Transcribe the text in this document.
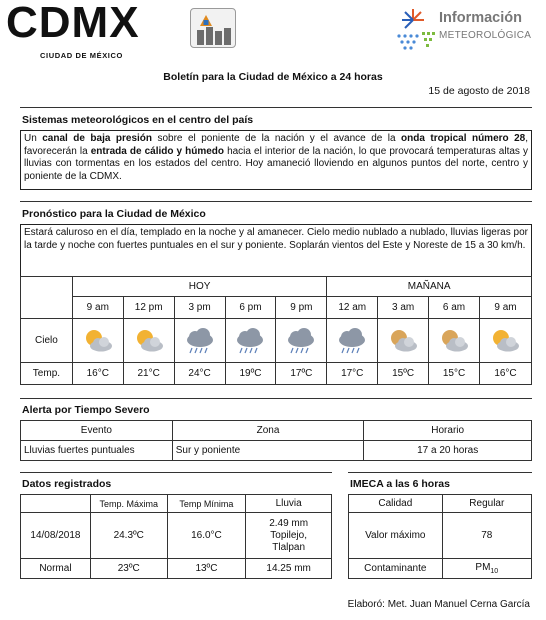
CDMX
CIUDAD DE MÉXICO
Información
METEOROLÓGICA
Boletín para la Ciudad de México a 24 horas
15 de agosto de 2018
Sistemas meteorológicos en el centro del país
Un canal de baja presión sobre el poniente de la nación y el avance de la onda tropical número 28, favorecerán la entrada de cálido y húmedo hacia el interior de la nación, lo que provocará temperaturas altas y lluvias con tormentas en los estados del centro. Hoy amaneció lloviendo en algunos puntos del norte, centro y poniente de la CDMX.
Pronóstico para la Ciudad de México
Estará caluroso en el día, templado en la noche y al amanecer. Cielo medio nublado a nublado, lluvias ligeras por la tarde y noche con fuertes puntuales en el sur y poniente. Soplarán vientos del Este y Noreste de 15 a 30 km/h.
	HOY					MAÑANA			
	9 am	12 pm	3 pm	6 pm	9 pm	12 am	3 am	6 am	9 am
Cielo	

Temp.	16°C	21°C	24°C	19ºC	17ºC	17°C	15ºC	15°C	16°C
Alerta por Tiempo Severo
Evento	Zona	Horario
Lluvias fuertes puntuales	Sur y poniente	17 a 20 horas
Datos registrados
	Temp. Máxima	Temp Mínima	Lluvia
14/08/2018	24.3ºC	16.0°C	2.49 mm
Topilejo,
Tlalpan

Normal	23ºC	13ºC	14.25 mm
IMECA a las 6 horas
Calidad	Regular
Valor máximo	78
Contaminante	$PM_{10}$
Elaboró: Met. Juan Manuel Cerna García
